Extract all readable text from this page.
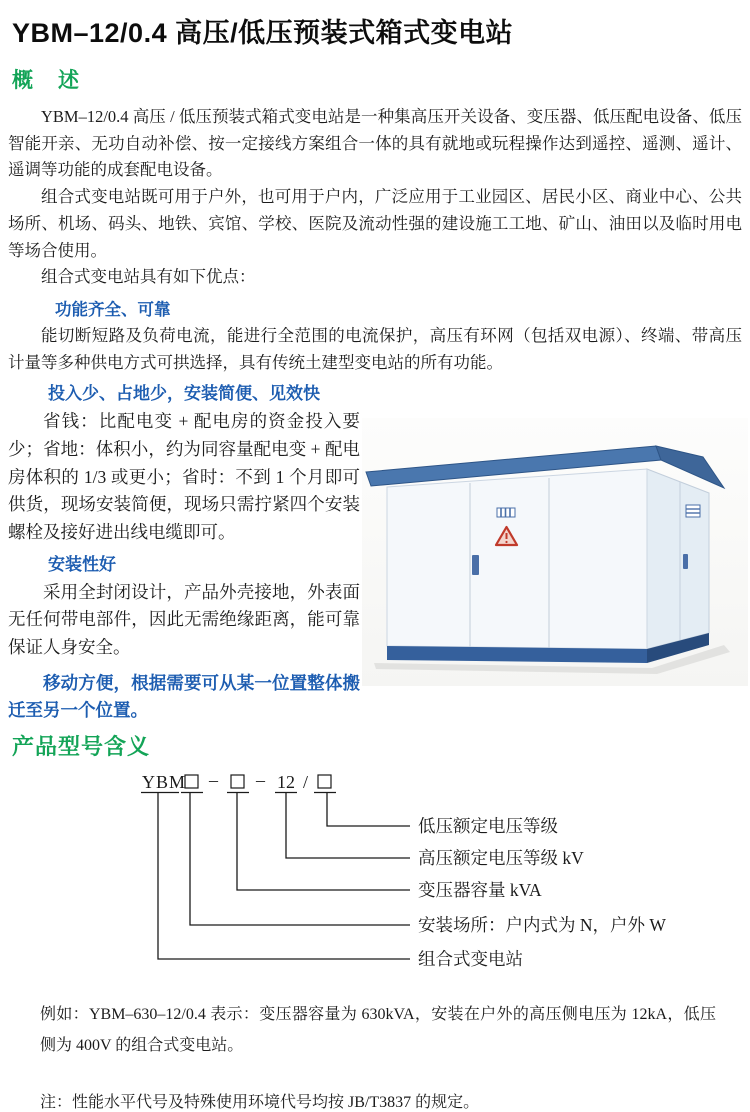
YBM–12/0.4 高压/低压预装式箱式变电站
概　述

YBM–12/0.4 高压 / 低压预装式箱式变电站是一种集高压开关设备、变压器、低压配电设备、低压智能开亲、无功自动补偿、按一定接线方案组合一体的具有就地或玩程操作达到遥控、遥测、遥计、遥调等功能的成套配电设备。

组合式变电站既可用于户外，也可用于户内，广泛应用于工业园区、居民小区、商业中心、公共场所、机场、码头、地铁、宾馆、学校、医院及流动性强的建设施工工地、矿山、油田以及临时用电等场合使用。

组合式变电站具有如下优点：

功能齐全、可靠

能切断短路及负荷电流，能进行全范围的电流保护，高压有环网（包括双电源）、终端、带高压计量等多种供电方式可拱选择，具有传统土建型变电站的所有功能。

投入少、占地少，安装简便、见效快

省钱：比配电变 + 配电房的资金投入要少；省地：体积小，约为同容量配电变 + 配电房体积的 1/3 或更小；省时：不到 1 个月即可供货，现场安装简便，现场只需拧紧四个安装螺栓及接好进出线电缆即可。

安装性好

采用全封闭设计，产品外壳接地，外表面无任何带电部件，因此无需绝缘距离，能可靠保证人身安全。

移动方便，根据需要可从某一位置整体搬迁至另一个位置。

产品型号含义
YBM – – 12 /
低压额定电压等级
高压额定电压等级 kV
变压器容量 kVA
安装场所：户内式为 N，户外 W
组合式变电站

例如：YBM–630–12/0.4 表示：变压器容量为 630kVA，安装在户外的高压侧电压为 12kA，低压侧为 400V 的组合式变电站。

注：性能水平代号及特殊使用环境代号均按 JB/T3837 的规定。
